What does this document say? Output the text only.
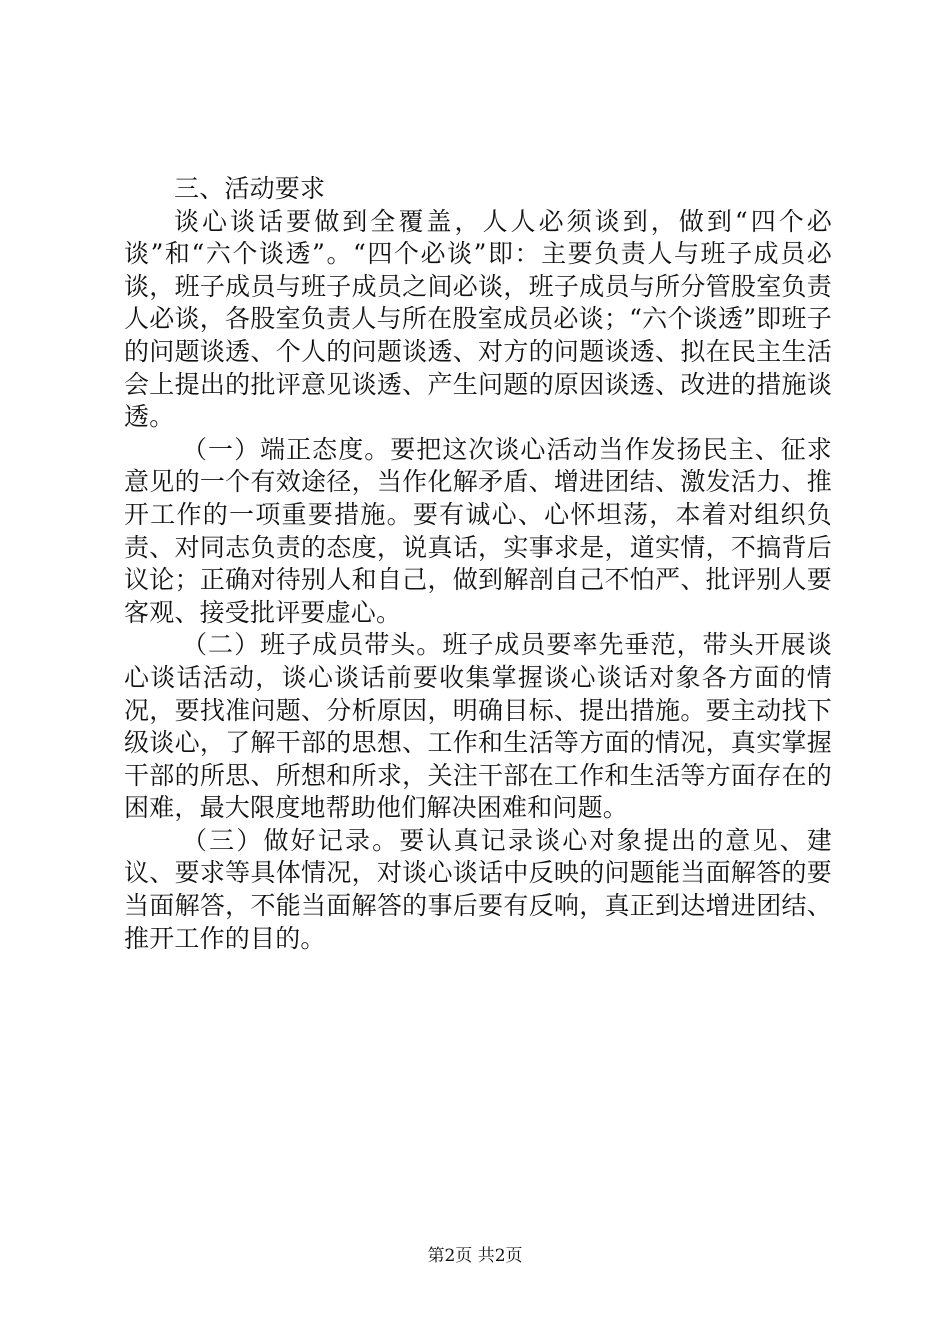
三、活动要求

谈心谈话要做到全覆盖，人人必须谈到，做到“四个必谈”和“六个谈透”。“四个必谈”即：主要负责人与班子成员必谈，班子成员与班子成员之间必谈，班子成员与所分管股室负责人必谈，各股室负责人与所在股室成员必谈；“六个谈透”即班子的问题谈透、个人的问题谈透、对方的问题谈透、拟在民主生活会上提出的批评意见谈透、产生问题的原因谈透、改进的措施谈透。

（一）端正态度。要把这次谈心活动当作发扬民主、征求意见的一个有效途径，当作化解矛盾、增进团结、激发活力、推开工作的一项重要措施。要有诚心、心怀坦荡，本着对组织负责、对同志负责的态度，说真话，实事求是，道实情，不搞背后议论；正确对待别人和自己，做到解剖自己不怕严、批评别人要客观、接受批评要虚心。

（二）班子成员带头。班子成员要率先垂范，带头开展谈心谈话活动，谈心谈话前要收集掌握谈心谈话对象各方面的情况，要找准问题、分析原因，明确目标、提出措施。要主动找下级谈心，了解干部的思想、工作和生活等方面的情况，真实掌握干部的所思、所想和所求，关注干部在工作和生活等方面存在的困难，最大限度地帮助他们解决困难和问题。

（三）做好记录。要认真记录谈心对象提出的意见、建议、要求等具体情况，对谈心谈话中反映的问题能当面解答的要当面解答，不能当面解答的事后要有反响，真正到达增进团结、推开工作的目的。

第2页 共2页
